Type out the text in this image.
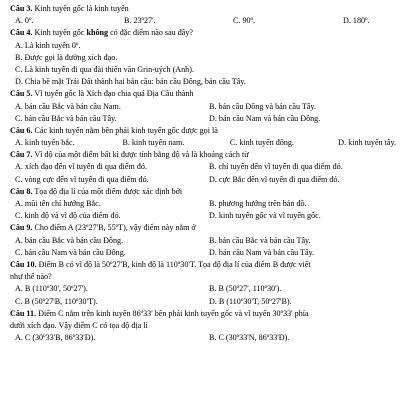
Câu 3. Kinh tuyến gốc là kinh tuyến
A. 0º.	B. 23º27'.	C. 90º.	D. 180º.
Câu 4. Kinh tuyến gốc không có đặc điểm nào sau đây?
A. Là kinh tuyến 0º.
B. Được gọi là đường xích đạo.
C. Là kinh tuyến đi qua đài thiên văn Grin-uých (Anh).
D. Chia bề mặt Trái Đất thành hai bán cầu: bán cầu Đông, bán cầu Tây.
Câu 5. Vĩ tuyến gốc là Xích đạo chia quả Địa Cầu thành
A. bán cầu Bắc và bán cầu Nam.	B. bán cầu Đông và bán cầu Tây.
C. bán cầu Bắc và bán cầu Tây.	D. bán cầu Nam và bán cầu Đông.
Câu 6. Các kinh tuyến nằm bên phải kinh tuyến gốc được gọi là
A. kinh tuyến bắc.	B. kinh tuyến nam.	C. kinh tuyến đông.	D. kinh tuyến tây.
Câu 7. Vĩ độ của một điểm bất kì được tính bằng độ và là khoảng cách từ
A. xích đạo đến vĩ tuyến đi qua điểm đó.	B. chỉ tuyến đến vĩ tuyến đi qua điểm đó.
C. vòng cực đến vĩ tuyến đi qua điểm đó.	D. cực Bắc đến vĩ tuyến đi qua điểm đó.
Câu 8. Tọa độ địa lí của một điểm được xác định bởi
A. mũi tên chỉ hướng Bắc.	B. phương hướng trên bản đồ.
C. kinh độ và vĩ độ của điểm đó.	D. kinh tuyến gốc và vĩ tuyến gốc.
Câu 9. Cho điểm A (23º27'B, 55ºT), vậy điểm này nằm ở
A. bán cầu Bắc và bán cầu Đông.	B. bán cầu Bắc và bán cầu Tây.
C. bán cầu Nam và bán cầu Đông.	D. bán cầu Nam và bán cầu Tây.
Câu 10. Điểm B có vĩ độ là 50º27'B, kinh độ là 110º30'T. Tọa độ địa lí của điểm B được viết
như thế nào?
A. B (110º30', 50º27').	B. B (50º27', 110º30').
C. B (50º27'B, 110º30'T).	D. B (110º30'T, 50º27'B).
Câu 11. Điểm C nằm trên kinh tuyến 86º33' bên phải kinh tuyến gốc và vĩ tuyến 30º33' phía
dưới xích đạo. Vậy điểm C có tọa độ địa lí
A. C (30º33'B, 86º33'Đ).	B. C (30º33'N, 86º33'Đ).
